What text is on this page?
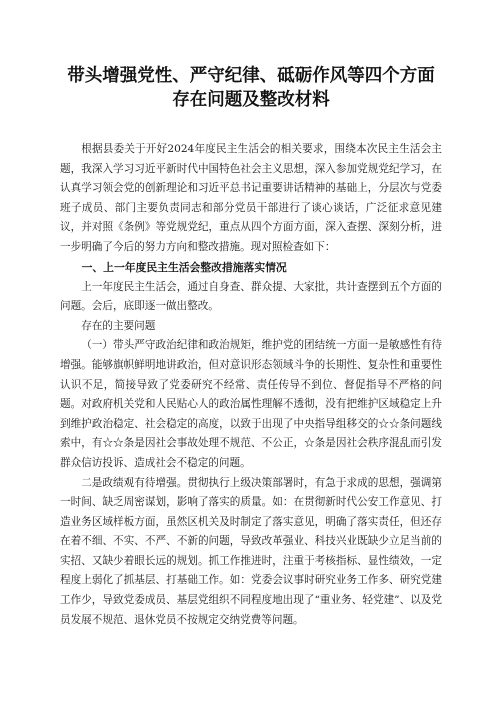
带头增强党性、严守纪律、砥砺作风等四个方面存在问题及整改材料

根据县委关于开好2024年度民主生活会的相关要求，围绕本次民主生活会主题，我深入学习习近平新时代中国特色社会主义思想，深入参加党规党纪学习，在认真学习领会党的创新理论和习近平总书记重要讲话精神的基础上，分层次与党委班子成员、部门主要负责同志和部分党员干部进行了谈心谈话，广泛征求意见建议，并对照《条例》等党规党纪，重点从四个方面方面，深入查摆、深刻分析，进一步明确了今后的努力方向和整改措施。现对照检查如下：

一、上一年度民主生活会整改措施落实情况

上一年度民主生活会，通过自身查、群众提、大家批，共计查摆到五个方面的问题。会后，底即逐一做出整改。

存在的主要问题

（一）带头严守政治纪律和政治规矩，维护党的团结统一方面一是敏感性有待增强。能够旗帜鲜明地讲政治，但对意识形态领域斗争的长期性、复杂性和重要性认识不足，简接导致了党委研究不经常、责任传导不到位、督促指导不严格的问题。对政府机关党和人民贴心人的政治属性理解不透彻，没有把维护区域稳定上升到维护政治稳定、社会稳定的高度，以致于出现了中央指导组移交的☆☆条问题线索中，有☆☆条是因社会事故处理不规范、不公正，☆条是因社会秩序混乱而引发群众信访投诉、造成社会不稳定的问题。

二是政绩观有待增强。贯彻执行上级决策部署时，有急于求成的思想，强调第一时间、缺乏周密谋划，影响了落实的质量。如：在贯彻新时代公安工作意见、打造业务区域样板方面，虽然区机关及时制定了落实意见，明确了落实责任，但还存在着不细、不实、不严、不新的问题，导致改革强业、科技兴业既缺少立足当前的实招、又缺少着眼长远的规划。抓工作推进时，注重于考核指标、显性绩效，一定程度上弱化了抓基层、打基础工作。如：党委会议事时研究业务工作多、研究党建工作少，导致党委成员、基层党组织不同程度地出现了“重业务、轻党建”、以及党员发展不规范、退休党员不按规定交纳党费等问题。
